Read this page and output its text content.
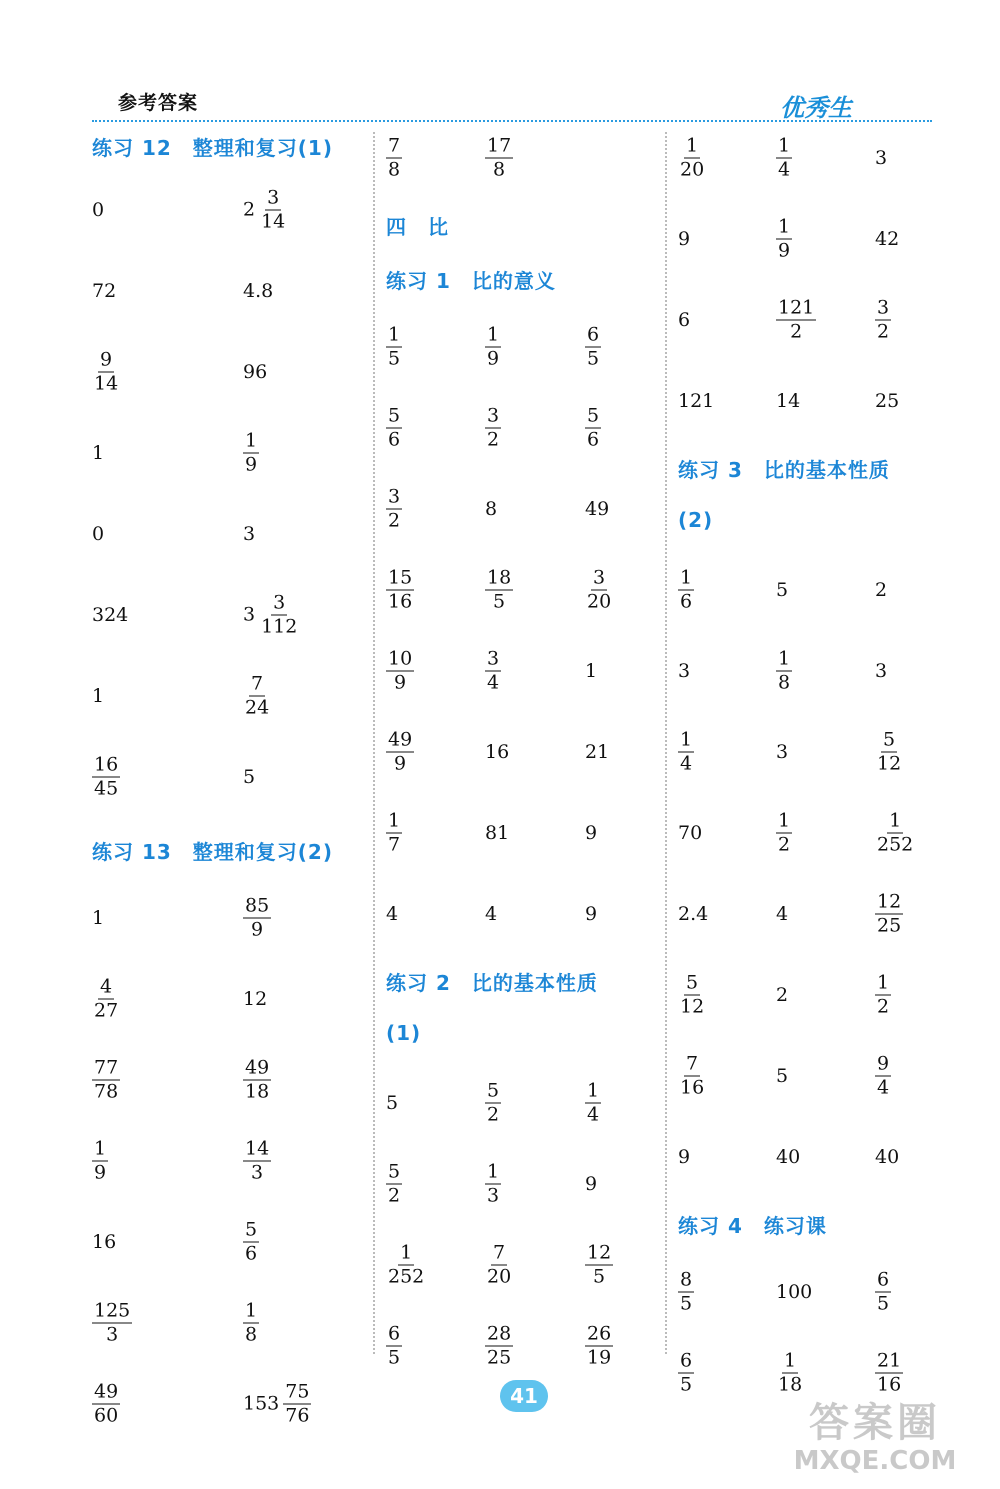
参考答案	优秀生
练习 12　整理和复习(1)
0	$2 \frac{3}{14}$
72	4.8
$\frac{9}{14}$	96
1	$\frac{1}{9}$
0	3
324	$3 \frac{3}{112}$
1	$\frac{7}{24}$
$\frac{16}{45}$	5
练习 13　整理和复习(2)
1	$\frac{85}{9}$
$\frac{4}{27}$	12
$\frac{77}{78}$	$\frac{49}{18}$
$\frac{1}{9}$	$\frac{14}{3}$
16	$\frac{5}{6}$
$\frac{125}{3}$	$\frac{1}{8}$
$\frac{49}{60}$	$153 \frac{75}{76}$
$\frac{7}{8}$	$\frac{17}{8}$
四　比
练习 1　比的意义
$\frac{1}{5}$	$\frac{1}{9}$	$\frac{6}{5}$
$\frac{5}{6}$	$\frac{3}{2}$	$\frac{5}{6}$
$\frac{3}{2}$	8	49
$\frac{15}{16}$	$\frac{18}{5}$	$\frac{3}{20}$
$\frac{10}{9}$	$\frac{3}{4}$	1
$\frac{49}{9}$	16	21
$\frac{1}{7}$	81	9
4	4	9
练习 2　比的基本性质
(1)
5	$\frac{5}{2}$	$\frac{1}{4}$
$\frac{5}{2}$	$\frac{1}{3}$	9
$\frac{1}{252}$	$\frac{7}{20}$	$\frac{12}{5}$
$\frac{6}{5}$	$\frac{28}{25}$	$\frac{26}{19}$
$\frac{1}{20}$	$\frac{1}{4}$	3
9	$\frac{1}{9}$	42
6	$\frac{121}{2}$	$\frac{3}{2}$
121	14	25
练习 3　比的基本性质
(2)
$\frac{1}{6}$	5	2
3	$\frac{1}{8}$	3
$\frac{1}{4}$	3	$\frac{5}{12}$
70	$\frac{1}{2}$	$\frac{1}{252}$
2.4	4	$\frac{12}{25}$
$\frac{5}{12}$	2	$\frac{1}{2}$
$\frac{7}{16}$	5	$\frac{9}{4}$
9	40	40
练习 4　练习课
$\frac{8}{5}$	100	$\frac{6}{5}$
$\frac{6}{5}$	$\frac{1}{18}$	$\frac{21}{16}$
41
答案圈
MXQE.COM
